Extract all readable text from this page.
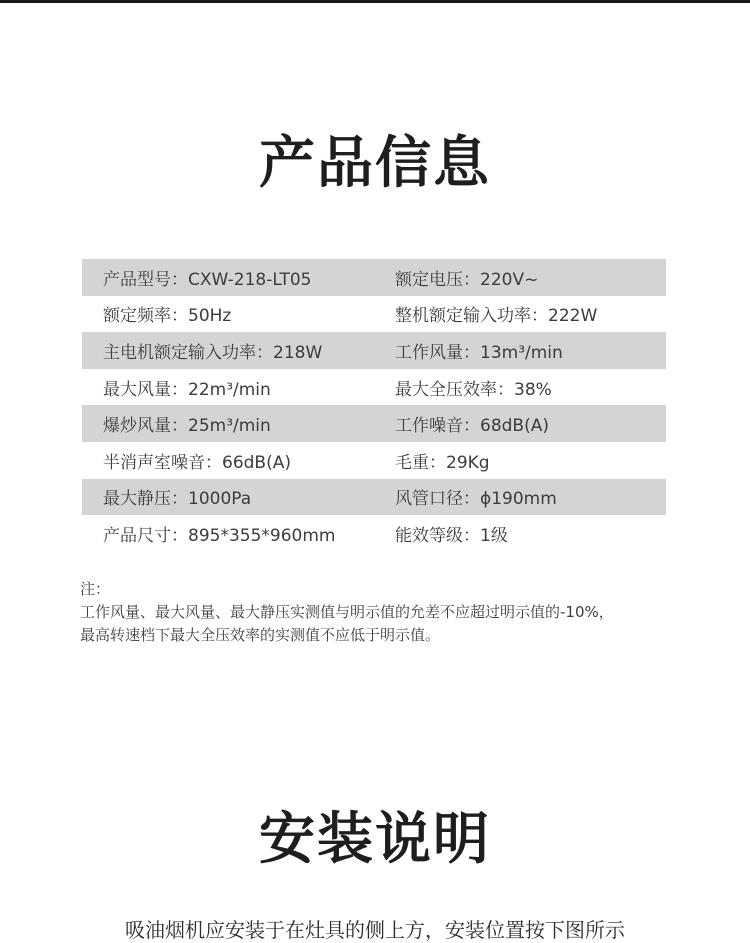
产品信息
产品型号：CXW-218-LT05	额定电压：220V~
额定频率：50Hz	整机额定输入功率：222W
主电机额定输入功率：218W	工作风量：13m³/min
最大风量：22m³/min	最大全压效率：38%
爆炒风量：25m³/min	工作噪音：68dB(A)
半消声室噪音：66dB(A)	毛重：29Kg
最大静压：1000Pa	风管口径：ϕ190mm
产品尺寸：895*355*960mm	能效等级：1级
注：
工作风量、最大风量、最大静压实测值与明示值的允差不应超过明示值的-10%，
最高转速档下最大全压效率的实测值不应低于明示值。
安装说明
吸油烟机应安装于在灶具的侧上方，安装位置按下图所示
